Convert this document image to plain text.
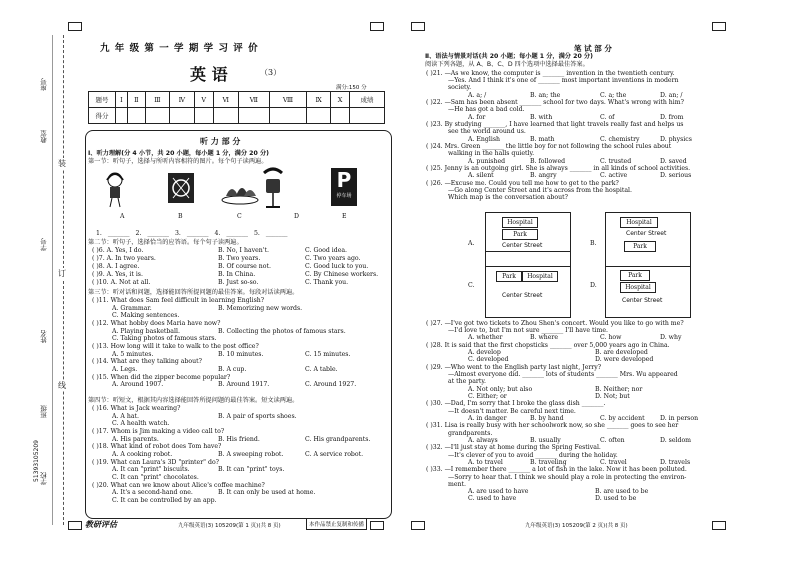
座号
教室
学号
姓名
班级
学校
51393105209
装
订
线
九 年 级 第 一 学 期 学 习 评 价
英 语	（3）
满分:150 分
题号	Ⅰ	Ⅱ	Ⅲ	Ⅳ	Ⅴ	Ⅵ	Ⅶ	Ⅷ	Ⅸ	Ⅹ	成绩
得分											
听 力 部 分
Ⅰ、听力理解(分 4 小节，共 20 小题，每小题 1 分，满分 20 分)
第一节：听句子，选择与所听内容相符的图片。每个句子读两遍。
P
停车场
A	B	C	D	E
1. _______ 2. _______ 3. _______ 4. _______ 5. _______
第二节：听句子，选择恰当的应答语。每个句子读两遍。
( )6. A. Yes, I do.	B. No, I haven't.	C. Good idea.
( )7. A. In two years.	B. Two years.	C. Two years ago.
( )8. A. I agree.	B. Of course not.	C. Good luck to you.
( )9. A. Yes, it is.	B. In China.	C. By Chinese workers.
( )10. A. Not at all.	B. Just so-so.	C. Thank you.
第三节：听对话和问题，选择能回答所提问题的最佳答案。每段对话读两遍。
( )11. What does Sam feel difficult in learning English?
A. Grammar.	B. Memorizing new words.
C. Making sentences.
( )12. What hobby does Maria have now?
A. Playing basketball.	B. Collecting the photos of famous stars.
C. Taking photos of famous stars.
( )13. How long will it take to walk to the post office?
A. 5 minutes.	B. 10 minutes.	C. 15 minutes.
( )14. What are they talking about?
A. Legs.	B. A cup.	C. A table.
( )15. When did the zipper become popular?
A. Around 1907.	B. Around 1917.	C. Around 1927.
第四节：听短文，根据其内容选择能回答所提问题的最佳答案。短文读两遍。
( )16. What is Jack wearing?
A. A hat.	B. A pair of sports shoes.
C. A health watch.
( )17. Whom is Jim making a video call to?
A. His parents.	B. His friend.	C. His grandparents.
( )18. What kind of robot does Tom have?
A. A cooking robot.	B. A sweeping robot.	C. A service robot.
( )19. What can Laura's 3D "printer" do?
A. It can "print" biscuits.	B. It can "print" toys.
C. It can "print" chocolates.
( )20. What can we know about Alice's coffee machine?
A. It's a second-hand one.	B. It can only be used at home.
C. It can be controlled by an app.
教研评估	九年级英语(3) 105209(第 1 页)(共 8 页)	本作品禁止复制和传播
笔 试 部 分
Ⅱ、语法与情景对话(共 20 小题；每小题 1 分，满分 20 分)
阅读下列各题，从 A、B、C、D 四个选项中选择最佳答案。
( )21. —As we know, the computer is _______ invention in the twentieth century.
—Yes. And I think it's one of _______ most important inventions in modern
society.
A. a; /	B. an; the	C. a; the	D. an; /
( )22. —Sam has been absent _______ school for two days. What's wrong with him?
—He has got a bad cold.
A. for	B. with	C. of	D. from
( )23. By studying _______, I have learned that light travels really fast and helps us
see the world around us.
A. English	B. math	C. chemistry	D. physics
( )24. Mrs. Green _______ the little boy for not following the school rules about
walking in the halls quietly.
A. punished	B. followed	C. trusted	D. saved
( )25. Jenny is an outgoing girl. She is always _______ in all kinds of school activities.
A. silent	B. angry	C. active	D. serious
( )26. —Excuse me. Could you tell me how to get to the park?
—Go along Center Street and it's across from the hospital.
Which map is the conversation about?
( )27. —I've got two tickets to Zhou Shen's concert. Would you like to go with me?
—I'd love to, but I'm not sure _______ I'll have time.
A. whether	B. where	C. how	D. why
( )28. It is said that the first chopsticks _______ over 5,000 years ago in China.
A. develop	B. are developed
C. developed	D. were developed
( )29. —Who went to the English party last night, Jerry?
—Almost everyone did. _______ lots of students _______ Mrs. Wu appeared
at the party.
A. Not only; but also	B. Neither; nor
C. Either; or	D. Not; but
( )30. —Dad, I'm sorry that I broke the glass dish _______.
—It doesn't matter. Be careful next time.
A. in danger	B. by hand	C. by accident D. in person
( )31. Lisa is really busy with her schoolwork now, so she _______ goes to see her
grandparents.
A. always	B. usually	C. often	D. seldom
( )32. —I'll just stay at home during the Spring Festival.
—It's clever of you to avoid _______ during the holiday.
A. to travel	B. traveling	C. travel	D. travels
( )33. —I remember there _______ a lot of fish in the lake. Now it has been polluted.
—Sorry to hear that. I think we should play a role in protecting the environ-
ment.
A. are used to have	B. are used to be
C. used to have	D. used to be
A.
Hospital
Park
Center Street	B.
Hospital
Center Street
Park
C.
Park	Hospital
Center Street
D.
Park
Hospital
Center Street
九年级英语(3) 105209(第 2 页)(共 8 页)
